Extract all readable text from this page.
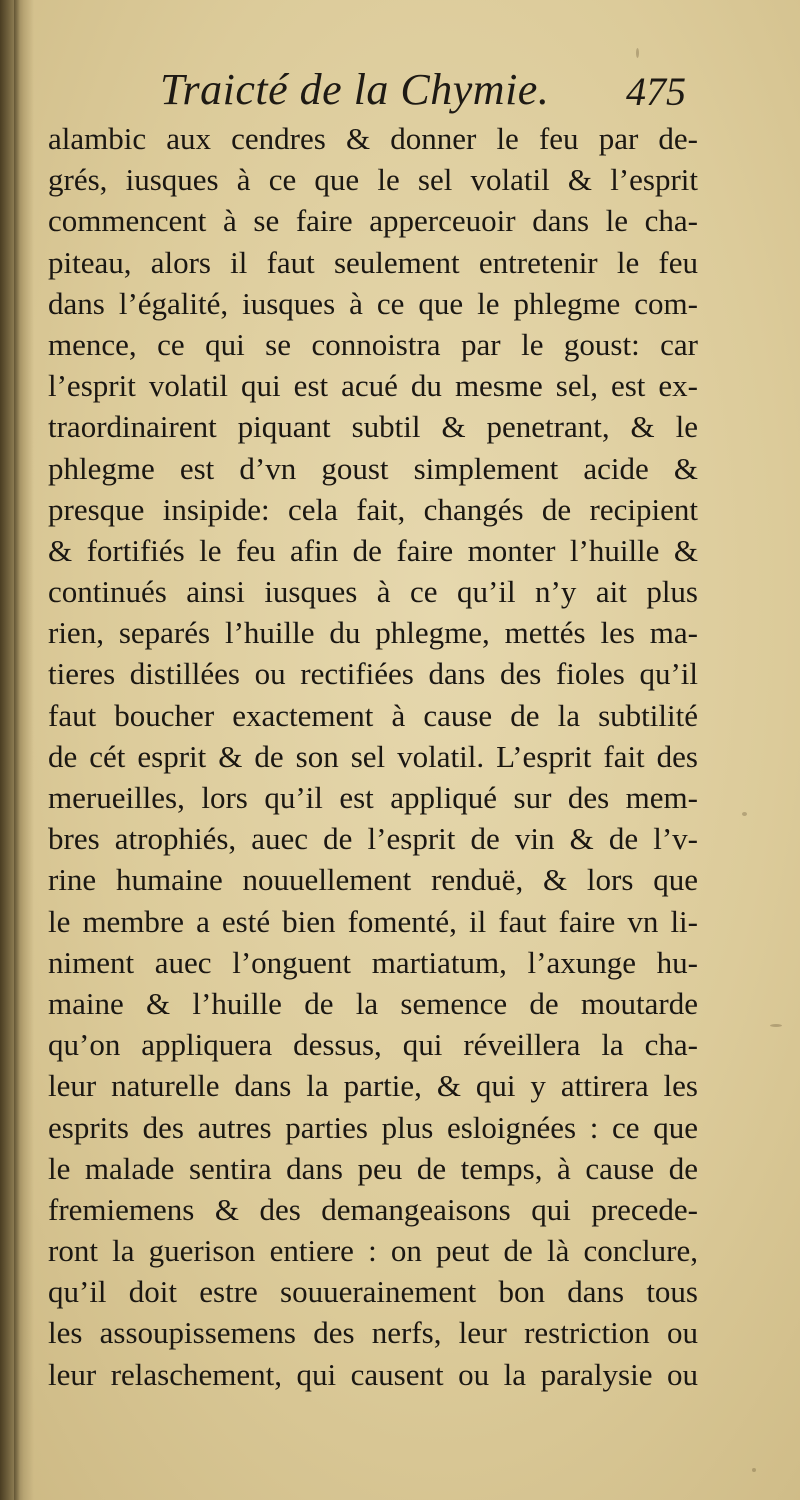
Traicté de la Chymie. 475
alambic aux cendres & donner le feu par de-
grés, iusques à ce que le sel volatil & l’esprit
commencent à se faire apperceuoir dans le cha-
piteau, alors il faut seulement entretenir le feu
dans l’égalité, iusques à ce que le phlegme com-
mence, ce qui se connoistra par le goust: car
l’esprit volatil qui est acué du mesme sel, est ex-
traordinairent piquant subtil & penetrant, & le
phlegme est d’vn goust simplement acide &
presque insipide: cela fait, changés de recipient
& fortifiés le feu afin de faire monter l’huille &
continués ainsi iusques à ce qu’il n’y ait plus
rien, separés l’huille du phlegme, mettés les ma-
tieres distillées ou rectifiées dans des fioles qu’il
faut boucher exactement à cause de la subtilité
de cét esprit & de son sel volatil. L’esprit fait des
merueilles, lors qu’il est appliqué sur des mem-
bres atrophiés, auec de l’esprit de vin & de l’v-
rine humaine nouuellement renduë, & lors que
le membre a esté bien fomenté, il faut faire vn li-
niment auec l’onguent martiatum, l’axunge hu-
maine & l’huille de la semence de moutarde
qu’on appliquera dessus, qui réveillera la cha-
leur naturelle dans la partie, & qui y attirera les
esprits des autres parties plus esloignées : ce que
le malade sentira dans peu de temps, à cause de
fremiemens & des demangeaisons qui precede-
ront la guerison entiere : on peut de là conclure,
qu’il doit estre souuerainement bon dans tous
les assoupissemens des nerfs, leur restriction ou
leur relaschement, qui causent ou la paralysie ou
